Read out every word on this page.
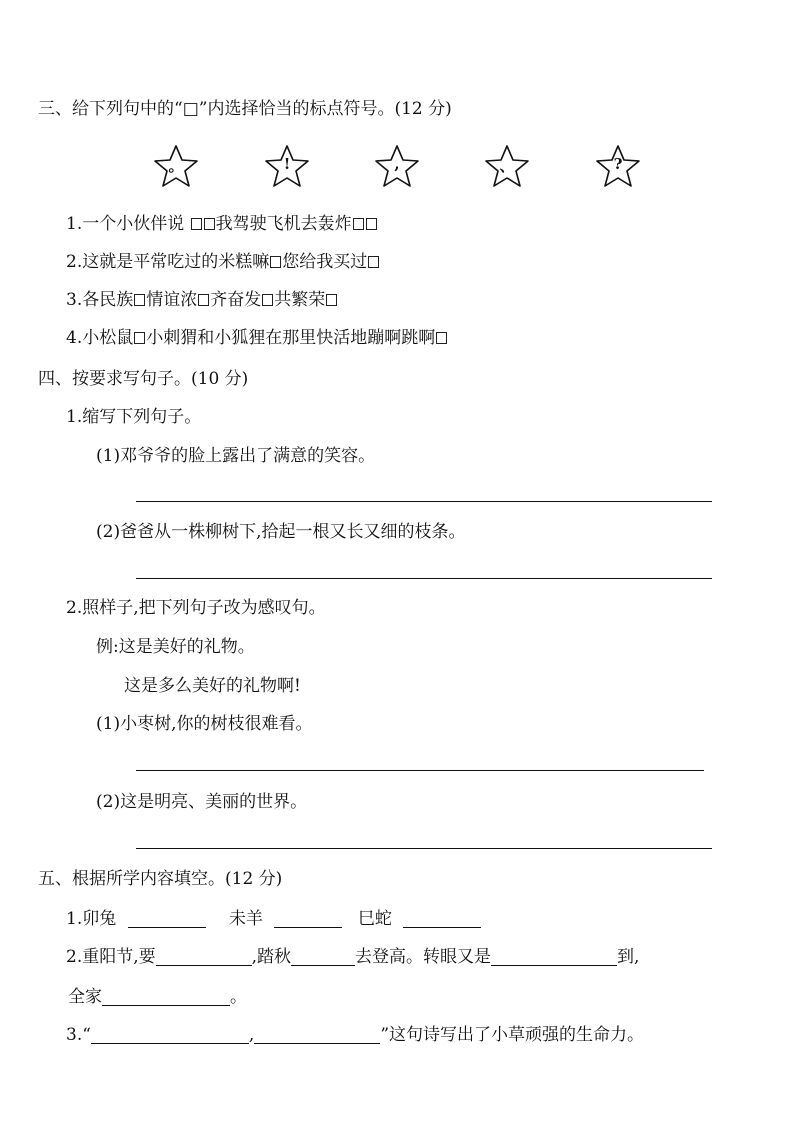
三、给下列句中的“□”内选择恰当的标点符号。(12 分)
。	!	,	、	?
1.一个小伙伴说 我驾驶飞机去轰炸
2.这就是平常吃过的米糕嘛 您给我买过
3.各民族 情谊浓 齐奋发 共繁荣
4.小松鼠 小刺猬和小狐狸在那里快活地蹦啊跳啊
四、按要求写句子。(10 分)
1.缩写下列句子。
(1)邓爷爷的脸上露出了满意的笑容。
(2)爸爸从一株柳树下,拾起一根又长又细的枝条。
2.照样子,把下列句子改为感叹句。
例:这是美好的礼物。
这是多么美好的礼物啊!
(1)小枣树,你的树枝很难看。
(2)这是明亮、美丽的世界。
五、根据所学内容填空。(12 分)
1.卯兔	未羊	巳蛇
2.重阳节,要	,踏秋	去登高。转眼又是	到,
全家	。
3.“	,	”这句诗写出了小草顽强的生命力。
